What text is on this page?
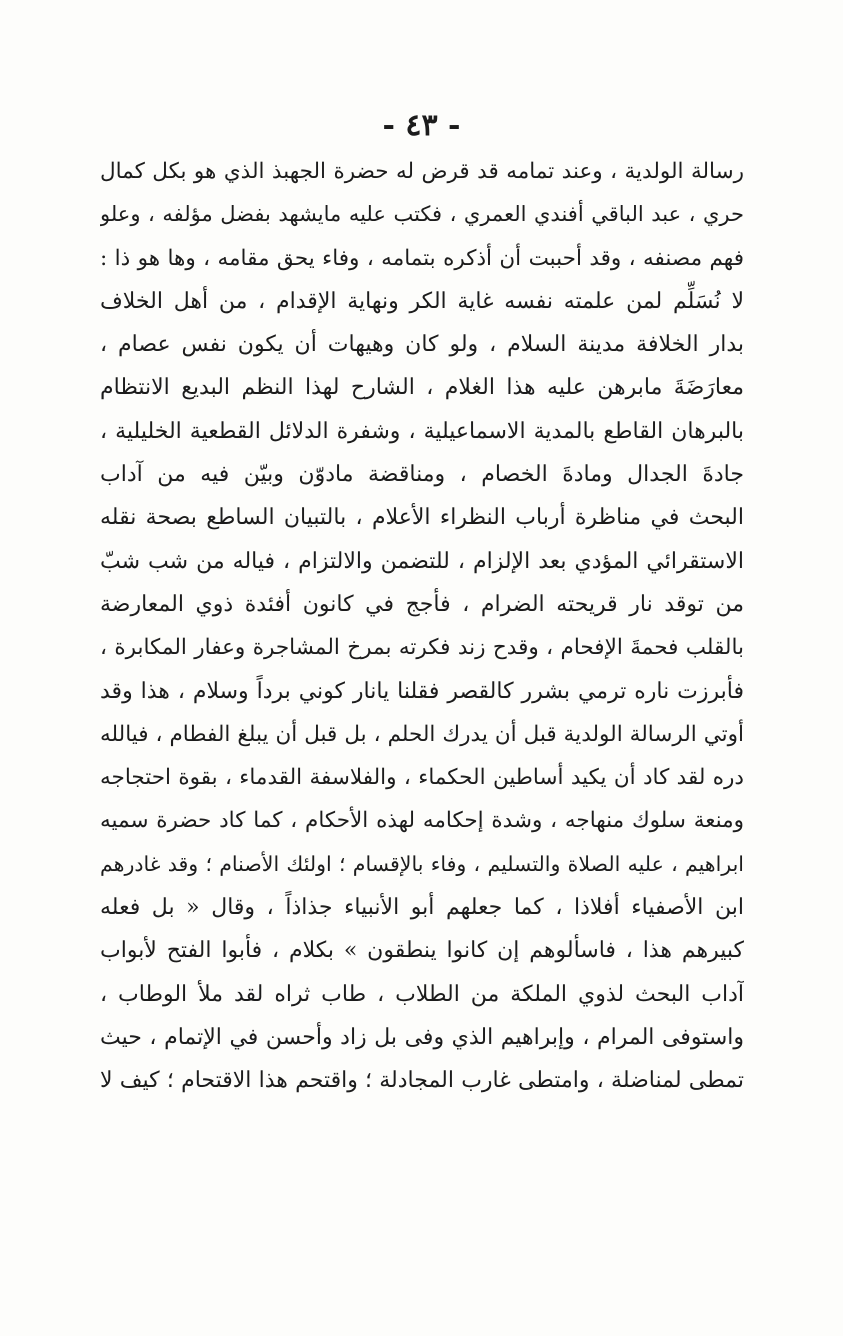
- ٤٣ -
رسالة الولدية ، وعند تمامه قد قرض له حضرة الجهبذ الذي هو بكل كمال
حري ، عبد الباقي أفندي العمري ، فكتب عليه مايشهد بفضل مؤلفه ، وعلو
فهم مصنفه ، وقد أحببت أن أذكره بتمامه ، وفاء يحق مقامه ، وها هو ذا :
لا نُسَلِّم لمن علمته نفسه غاية الكر ونهاية الإقدام ، من أهل الخلاف
بدار الخلافة مدينة السلام ، ولو كان وهيهات أن يكون نفس عصام ،
معارَضَةَ مابرهن عليه هذا الغلام ، الشارح لهذا النظم البديع الانتظام
بالبرهان القاطع بالمدية الاسماعيلية ، وشفرة الدلائل القطعية الخليلية ،
جادةَ الجدال ومادةَ الخصام ، ومناقضة مادوّن وبيّن فيه من آداب
البحث في مناظرة أرباب النظراء الأعلام ، بالتبيان الساطع بصحة نقله
الاستقرائي المؤدي بعد الإلزام ، للتضمن والالتزام ، فياله من شب شبّ
من توقد نار قريحته الضرام ، فأجج في كانون أفئدة ذوي المعارضة
بالقلب فحمةَ الإفحام ، وقدح زند فكرته بمرخ المشاجرة وعفار المكابرة ،
فأبرزت ناره ترمي بشرر كالقصر فقلنا يانار كوني برداً وسلام ، هذا وقد
أوتي الرسالة الولدية قبل أن يدرك الحلم ، بل قبل أن يبلغ الفطام ، فيالله
دره لقد كاد أن يكيد أساطين الحكماء ، والفلاسفة القدماء ، بقوة احتجاجه
ومنعة سلوك منهاجه ، وشدة إحكامه لهذه الأحكام ، كما كاد حضرة سميه
ابراهيم ، عليه الصلاة والتسليم ، وفاء بالإقسام ؛ اولئك الأصنام ؛ وقد غادرهم
ابن الأصفياء أفلاذا ، كما جعلهم أبو الأنبياء جذاذاً ، وقال « بل فعله
كبيرهم هذا ، فاسألوهم إن كانوا ينطقون » بكلام ، فأبوا الفتح لأبواب
آداب البحث لذوي الملكة من الطلاب ، طاب ثراه لقد ملأ الوطاب ،
واستوفى المرام ، وإبراهيم الذي وفى بل زاد وأحسن في الإتمام ، حيث
تمطى لمناضلة ، وامتطى غارب المجادلة ؛ واقتحم هذا الاقتحام ؛ كيف لا
